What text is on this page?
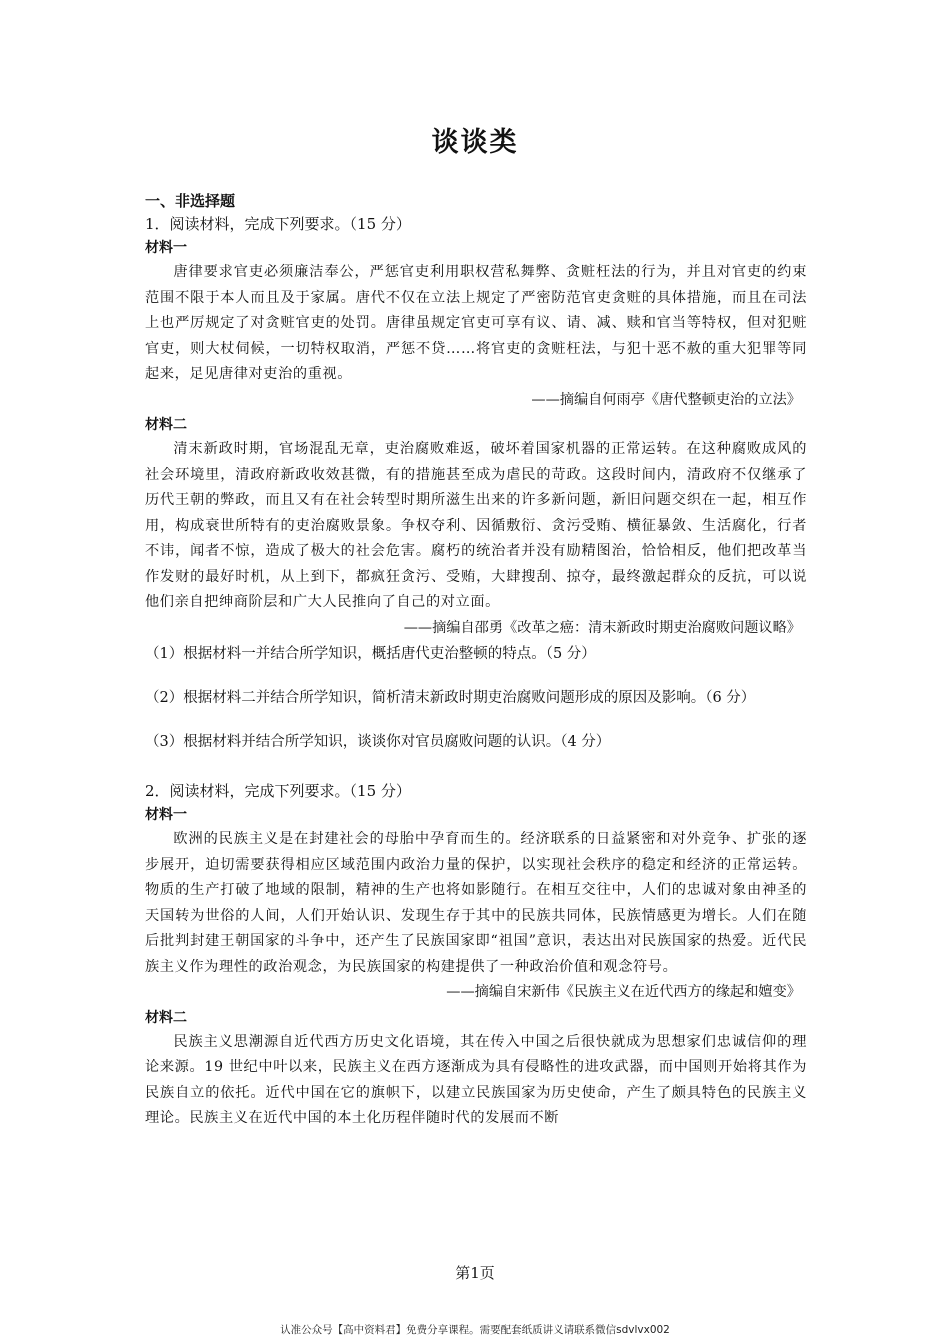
谈谈类

一、非选择题

1．阅读材料，完成下列要求。（15 分）

材料一

唐律要求官吏必须廉洁奉公，严惩官吏利用职权营私舞弊、贪赃枉法的行为，并且对官吏的约束范围不限于本人而且及于家属。唐代不仅在立法上规定了严密防范官吏贪赃的具体措施，而且在司法上也严厉规定了对贪赃官吏的处罚。唐律虽规定官吏可享有议、请、减、赎和官当等特权，但对犯赃官吏，则大杖伺候，一切特权取消，严惩不贷……将官吏的贪赃枉法，与犯十恶不赦的重大犯罪等同起来，足见唐律对吏治的重视。

——摘编自何雨亭《唐代整顿吏治的立法》

材料二

清末新政时期，官场混乱无章，吏治腐败难返，破坏着国家机器的正常运转。在这种腐败成风的社会环境里，清政府新政收效甚微，有的措施甚至成为虐民的苛政。这段时间内，清政府不仅继承了历代王朝的弊政，而且又有在社会转型时期所滋生出来的许多新问题，新旧问题交织在一起，相互作用，构成衰世所特有的吏治腐败景象。争权夺利、因循敷衍、贪污受贿、横征暴敛、生活腐化，行者不讳，闻者不惊，造成了极大的社会危害。腐朽的统治者并没有励精图治，恰恰相反，他们把改革当作发财的最好时机，从上到下，都疯狂贪污、受贿，大肆搜刮、掠夺，最终激起群众的反抗，可以说他们亲自把绅商阶层和广大人民推向了自己的对立面。

——摘编自邵勇《改革之癌：清末新政时期吏治腐败问题议略》

（1）根据材料一并结合所学知识，概括唐代吏治整顿的特点。（5 分）

（2）根据材料二并结合所学知识，简析清末新政时期吏治腐败问题形成的原因及影响。（6 分）

（3）根据材料并结合所学知识，谈谈你对官员腐败问题的认识。（4 分）

2．阅读材料，完成下列要求。（15 分）

材料一

欧洲的民族主义是在封建社会的母胎中孕育而生的。经济联系的日益紧密和对外竞争、扩张的逐步展开，迫切需要获得相应区域范围内政治力量的保护，以实现社会秩序的稳定和经济的正常运转。物质的生产打破了地域的限制，精神的生产也将如影随行。在相互交往中，人们的忠诚对象由神圣的天国转为世俗的人间，人们开始认识、发现生存于其中的民族共同体，民族情感更为增长。人们在随后批判封建王朝国家的斗争中，还产生了民族国家即“祖国”意识，表达出对民族国家的热爱。近代民族主义作为理性的政治观念，为民族国家的构建提供了一种政治价值和观念符号。

——摘编自宋新伟《民族主义在近代西方的缘起和嬗变》

材料二

民族主义思潮源自近代西方历史文化语境，其在传入中国之后很快就成为思想家们忠诚信仰的理论来源。19 世纪中叶以来，民族主义在西方逐渐成为具有侵略性的进攻武器，而中国则开始将其作为民族自立的依托。近代中国在它的旗帜下，以建立民族国家为历史使命，产生了颇具特色的民族主义理论。民族主义在近代中国的本土化历程伴随时代的发展而不断

第1页
认准公众号【高中资料君】免费分享课程。需要配套纸质讲义请联系微信sdvlvx002
